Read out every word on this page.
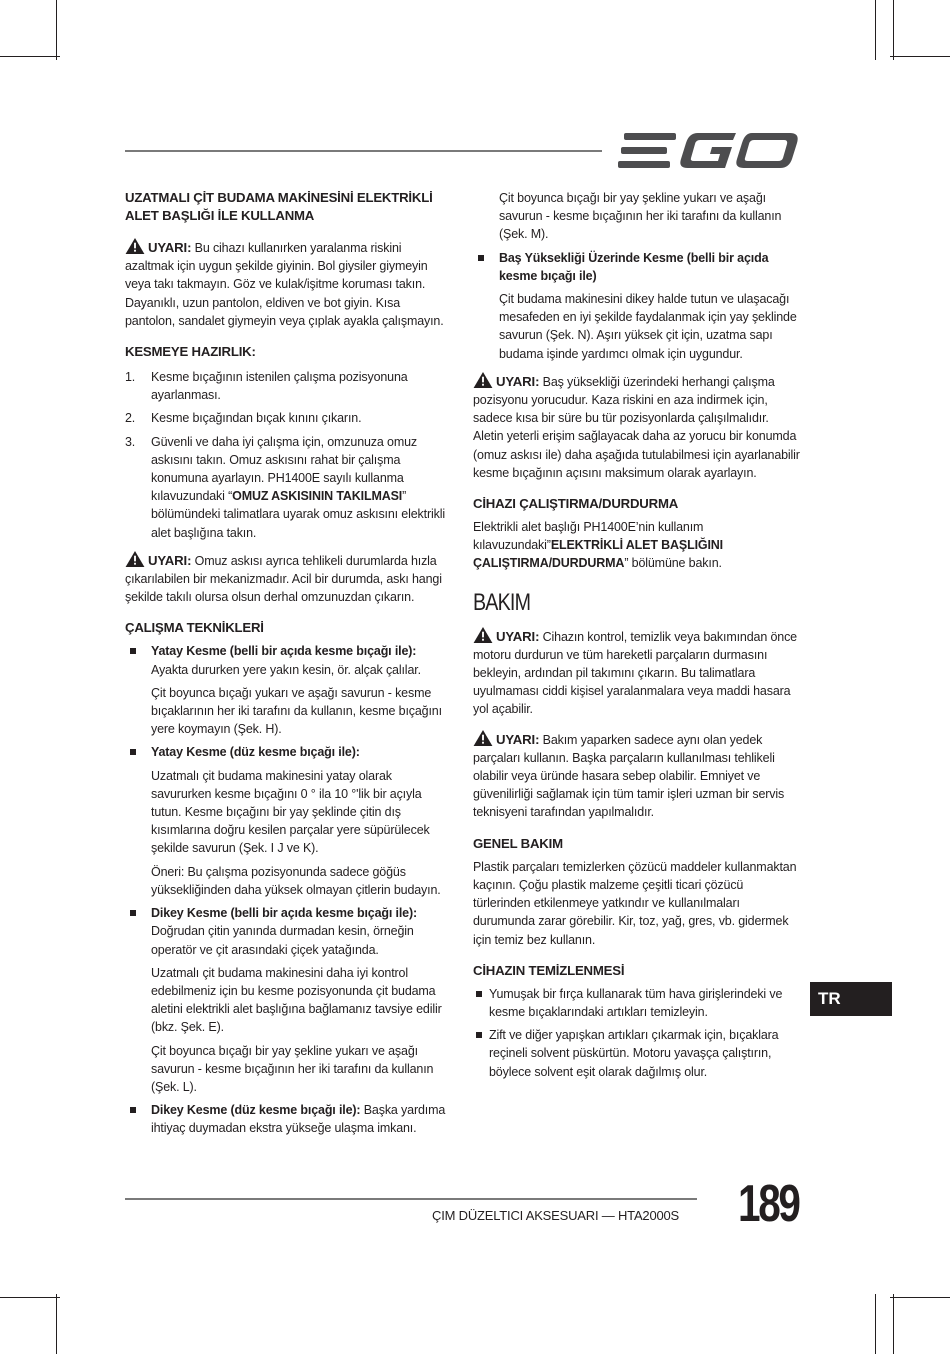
UZATMALI ÇİT BUDAMA MAKİNESİNİ ELEKTRİKLİ
ALET BAŞLIĞI İLE KULLANMA

UYARI: Bu cihazı kullanırken yaralanma riskini azaltmak için uygun şekilde giyinin. Bol giysiler giymeyin veya takı takmayın. Göz ve kulak/işitme koruması takın. Dayanıklı, uzun pantolon, eldiven ve bot giyin. Kısa pantolon, sandalet giymeyin veya çıplak ayakla çalışmayın.

KESMEYE HAZIRLIK:
1. Kesme bıçağının istenilen çalışma pozisyonuna ayarlanması.
2. Kesme bıçağından bıçak kınını çıkarın.
3. Güvenli ve daha iyi çalışma için, omzunuza omuz askısını takın. Omuz askısını rahat bir çalışma konumuna ayarlayın. PH1400E sayılı kullanma kılavuzundaki “OMUZ ASKISININ TAKILMASI” bölümündeki talimatlara uyarak omuz askısını elektrikli alet başlığına takın.

UYARI: Omuz askısı ayrıca tehlikeli durumlarda hızla çıkarılabilen bir mekanizmadır. Acil bir durumda, askı hangi şekilde takılı olursa olsun derhal omzunuzdan çıkarın.

ÇALIŞMA TEKNİKLERİ
Yatay Kesme (belli bir açıda kesme bıçağı ile): Ayakta dururken yere yakın kesin, ör. alçak çalılar.

Çit boyunca bıçağı yukarı ve aşağı savurun - kesme bıçaklarının her iki tarafını da kullanın, kesme bıçağını yere koymayın (Şek. H).

Yatay Kesme (düz kesme bıçağı ile):

Uzatmalı çit budama makinesini yatay olarak savururken kesme bıçağını 0 ° ila 10 °'lik bir açıyla tutun. Kesme bıçağını bir yay şeklinde çitin dış kısımlarına doğru kesilen parçalar yere süpürülecek şekilde savurun (Şek. I J ve K).

Öneri: Bu çalışma pozisyonunda sadece göğüs yüksekliğinden daha yüksek olmayan çitlerin budayın.

Dikey Kesme (belli bir açıda kesme bıçağı ile): Doğrudan çitin yanında durmadan kesin, örneğin operatör ve çit arasındaki çiçek yatağında.

Uzatmalı çit budama makinesini daha iyi kontrol edebilmeniz için bu kesme pozisyonunda çit budama aletini elektrikli alet başlığına bağlamanız tavsiye edilir (bkz. Şek. E).

Çit boyunca bıçağı bir yay şekline yukarı ve aşağı savurun - kesme bıçağının her iki tarafını da kullanın (Şek. L).

Dikey Kesme (düz kesme bıçağı ile): Başka yardıma ihtiyaç duymadan ekstra yükseğe ulaşma imkanı.

Çit boyunca bıçağı bir yay şekline yukarı ve aşağı savurun - kesme bıçağının her iki tarafını da kullanın (Şek. M).

Baş Yüksekliği Üzerinde Kesme (belli bir açıda kesme bıçağı ile)

Çit budama makinesini dikey halde tutun ve ulaşacağı mesafeden en iyi şekilde faydalanmak için yay şeklinde savurun (Şek. N). Aşırı yüksek çit için, uzatma sapı budama işinde yardımcı olmak için uygundur.

UYARI: Baş yüksekliği üzerindeki herhangi çalışma pozisyonu yorucudur. Kaza riskini en aza indirmek için, sadece kısa bir süre bu tür pozisyonlarda çalışılmalıdır. Aletin yeterli erişim sağlayacak daha az yorucu bir konumda (omuz askısı ile) daha aşağıda tutulabilmesi için ayarlanabilir kesme bıçağının açısını maksimum olarak ayarlayın.

CİHAZI ÇALIŞTIRMA/DURDURMA

Elektrikli alet başlığı PH1400E’nin kullanım kılavuzundaki”ELEKTRİKLİ ALET BAŞLIĞINI ÇALIŞTIRMA/DURDURMA” bölümüne bakın.

BAKIM

UYARI: Cihazın kontrol, temizlik veya bakımından önce motoru durdurun ve tüm hareketli parçaların durmasını bekleyin, ardından pil takımını çıkarın. Bu talimatlara uyulmaması ciddi kişisel yaralanmalara veya maddi hasara yol açabilir.

UYARI: Bakım yaparken sadece aynı olan yedek parçaları kullanın. Başka parçaların kullanılması tehlikeli olabilir veya üründe hasara sebep olabilir. Emniyet ve güvenilirliği sağlamak için tüm tamir işleri uzman bir servis teknisyeni tarafından yapılmalıdır.

GENEL BAKIM

Plastik parçaları temizlerken çözücü maddeler kullanmaktan kaçının. Çoğu plastik malzeme çeşitli ticari çözücü türlerinden etkilenmeye yatkındır ve kullanılmaları durumunda zarar görebilir. Kir, toz, yağ, gres, vb. gidermek için temiz bez kullanın.

CİHAZIN TEMİZLENMESİ
Yumuşak bir fırça kullanarak tüm hava girişlerindeki ve kesme bıçaklarındaki artıkları temizleyin.
Zift ve diğer yapışkan artıkları çıkarmak için, bıçaklara reçineli solvent püskürtün. Motoru yavaşça çalıştırın, böylece solvent eşit olarak dağılmış olur.
TR
ÇIM DÜZELTICI AKSESUARI — HTA2000S 189
